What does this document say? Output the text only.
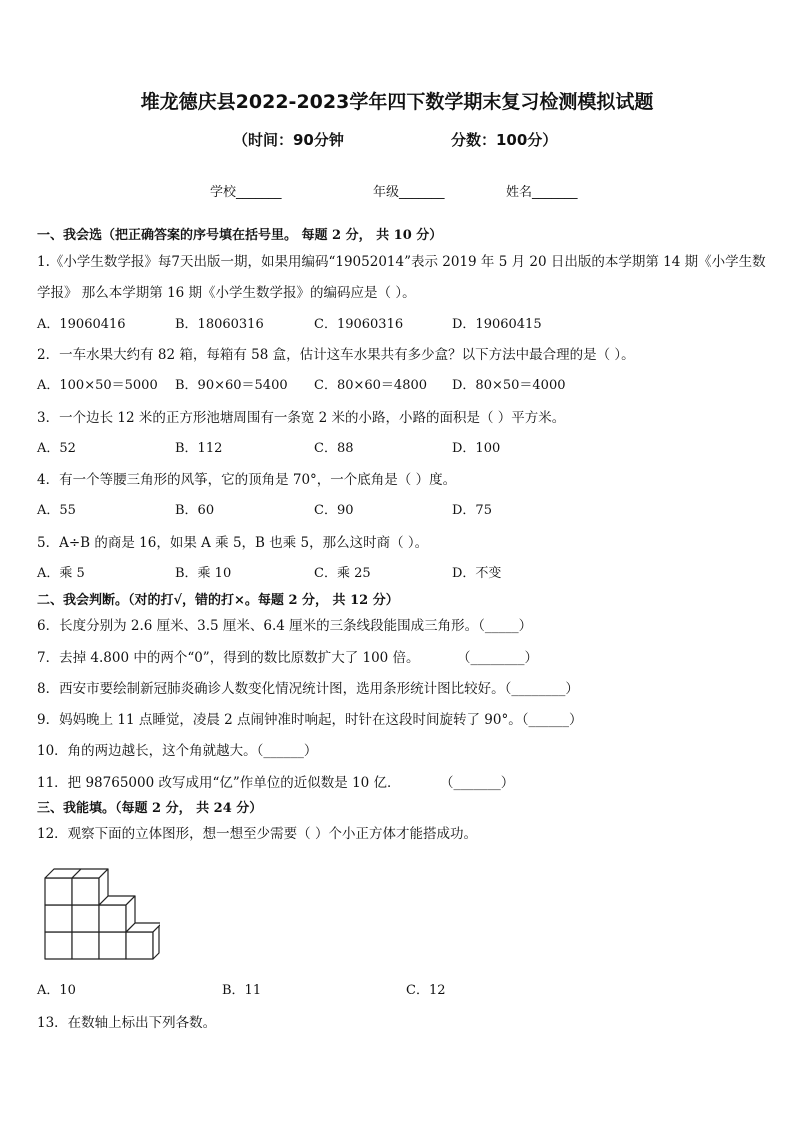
堆龙德庆县2022-2023学年四下数学期末复习检测模拟试题
（时间：90分钟	分数：100分）
学校_______	年级_______	姓名_______
一、我会选（把正确答案的序号填在括号里。 每题 2 分， 共 10 分）
1.《小学生数学报》每7天出版一期，如果用编码“19052014”表示 2019 年 5 月 20 日出版的本学期第 14 期《小学生数
学报》 那么本学期第 16 期《小学生数学报》的编码应是（ ）。
A．19060416	B．18060316	C．19060316	D．19060415
2．一车水果大约有 82 箱，每箱有 58 盒，估计这车水果共有多少盒？以下方法中最合理的是（ ）。
A．100×50＝5000 B．90×60＝5400 C．80×60＝4800 D．80×50＝4000
3．一个边长 12 米的正方形池塘周围有一条宽 2 米的小路，小路的面积是（ ）平方米。
A．52	B．112	C．88	D．100
4．有一个等腰三角形的风筝，它的顶角是 70°，一个底角是（ ）度。
A．55	B．60	C．90	D．75
5．A÷B 的商是 16，如果 A 乘 5，B 也乘 5，那么这时商（ ）。
A．乘 5	B．乘 10	C．乘 25	D．不变
二、我会判断。（对的打√，错的打×。每题 2 分， 共 12 分）
6．长度分别为 2.6 厘米、3.5 厘米、6.4 厘米的三条线段能围成三角形。（_____）
7．去掉 4.800 中的两个“0”，得到的数比原数扩大了 100 倍。	（________）
8．西安市要绘制新冠肺炎确诊人数变化情况统计图，选用条形统计图比较好。（________）
9．妈妈晚上 11 点睡觉，凌晨 2 点闹钟准时响起，时针在这段时间旋转了 90°。（______）
10．角的两边越长，这个角就越大。（______）
11．把 98765000 改写成用“亿”作单位的近似数是 10 亿．	（_______）
三、我能填。（每题 2 分， 共 24 分）
12．观察下面的立体图形，想一想至少需要（ ）个小正方体才能搭成功。
A．10	B．11	C．12
13．在数轴上标出下列各数。
